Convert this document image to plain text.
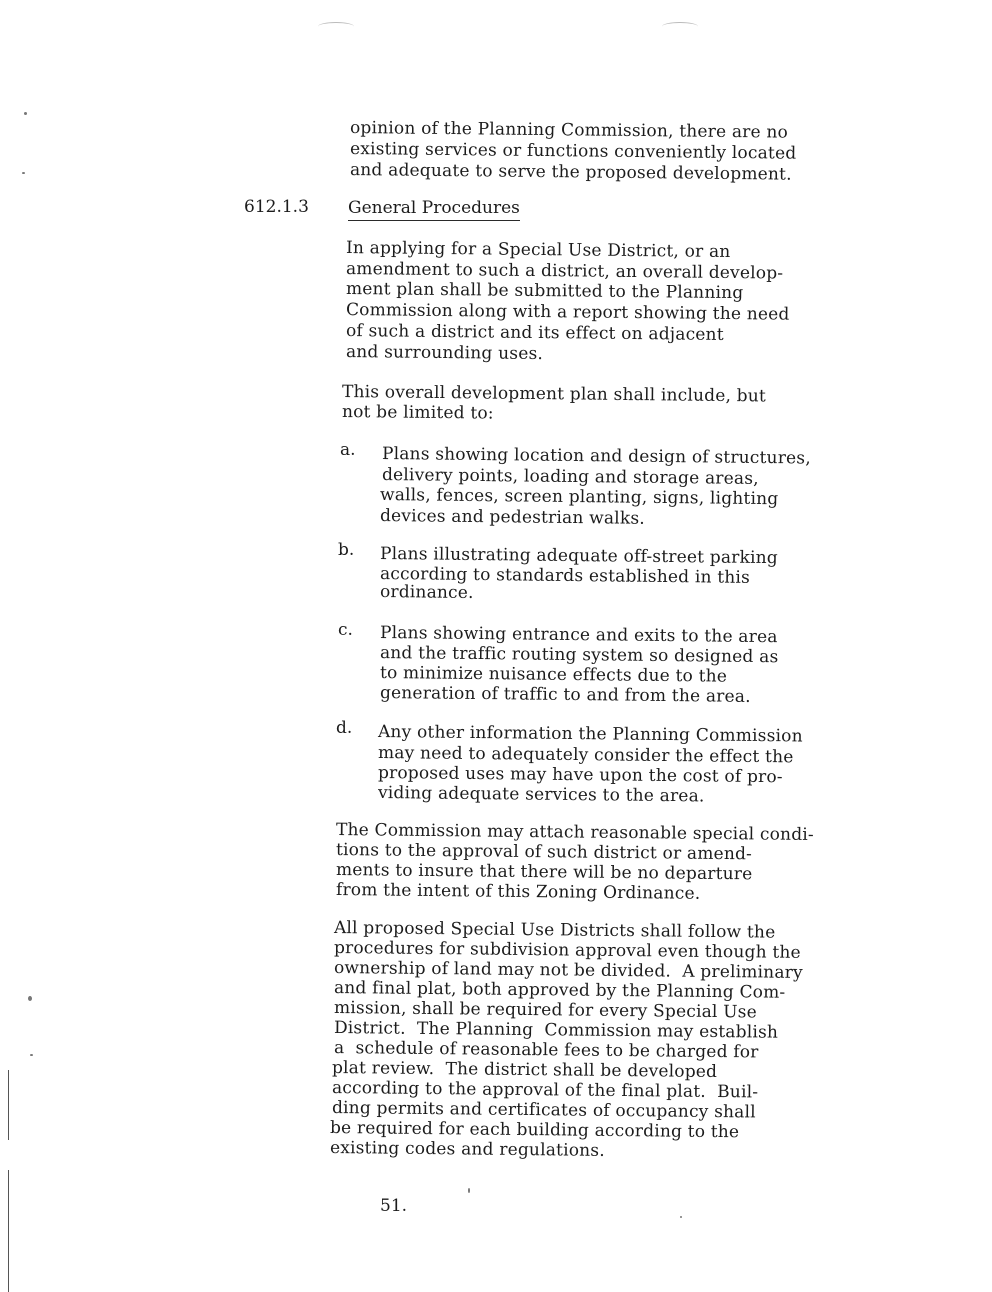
opinion of the Planning Commission, there are no
existing services or functions conveniently located
and adequate to serve the proposed development.
612.1.3 General Procedures
In applying for a Special Use District, or an
amendment to such a district, an overall develop-
ment plan shall be submitted to the Planning
Commission along with a report showing the need
of such a district and its effect on adjacent
and surrounding uses.
This overall development plan shall include, but
not be limited to:
a. Plans showing location and design of structures,
delivery points, loading and storage areas,
walls, fences, screen planting, signs, lighting
devices and pedestrian walks.
b. Plans illustrating adequate off-street parking
according to standards established in this
ordinance.
c. Plans showing entrance and exits to the area
and the traffic routing system so designed as
to minimize nuisance effects due to the
generation of traffic to and from the area.
d. Any other information the Planning Commission
may need to adequately consider the effect the
proposed uses may have upon the cost of pro-
viding adequate services to the area.
The Commission may attach reasonable special condi-
tions to the approval of such district or amend-
ments to insure that there will be no departure
from the intent of this Zoning Ordinance.
All proposed Special Use Districts shall follow the
procedures for subdivision approval even though the
ownership of land may not be divided.  A preliminary
and final plat, both approved by the Planning Com-
mission, shall be required for every Special Use
District.  The Planning  Commission may establish
a  schedule of reasonable fees to be charged for
plat review.  The district shall be developed
according to the approval of the final plat.  Buil-
ding permits and certificates of occupancy shall
be required for each building according to the
existing codes and regulations.
51.
